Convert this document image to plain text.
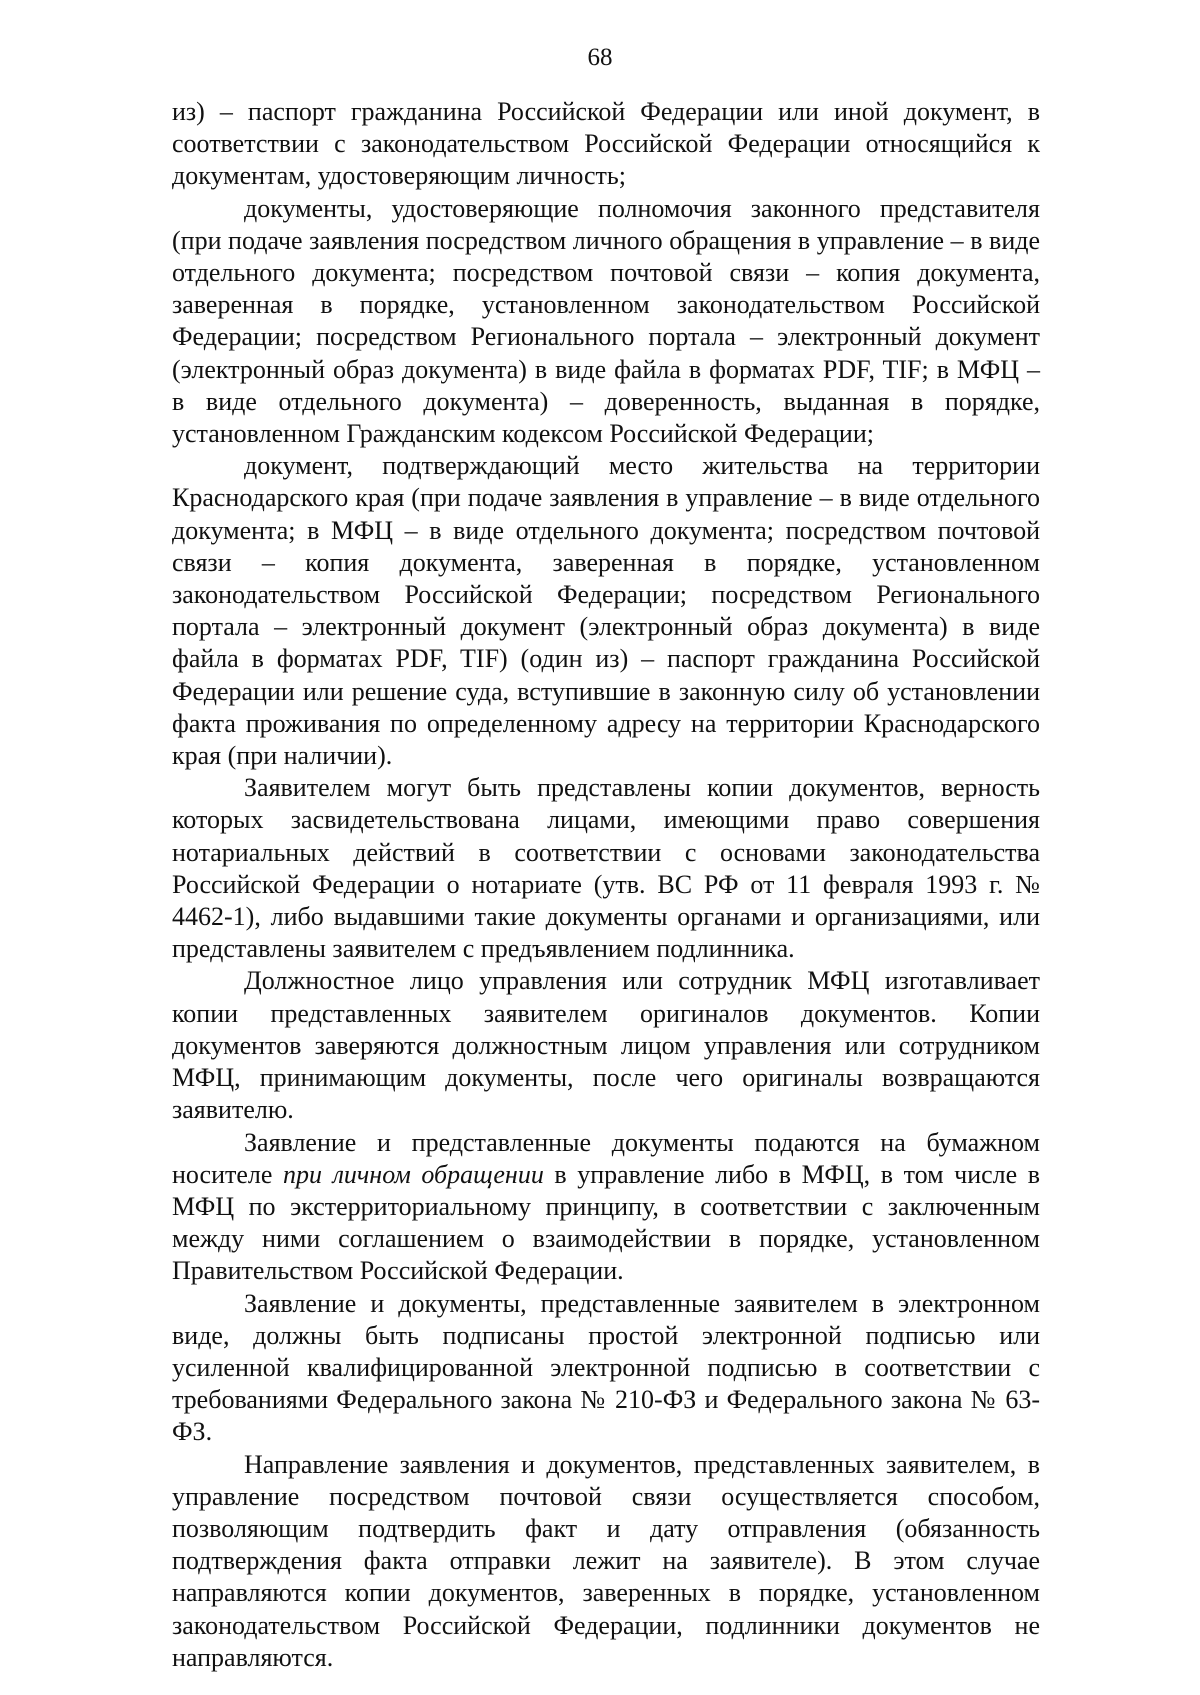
68

из) – паспорт гражданина Российской Федерации или иной документ, в соответствии с законодательством Российской Федерации относящийся к документам, удостоверяющим личность;

документы, удостоверяющие полномочия законного представителя (при подаче заявления посредством личного обращения в управление – в виде отдельного документа; посредством почтовой связи – копия документа, заверенная в порядке, установленном законодательством Российской Федерации; посредством Регионального портала – электронный документ (электронный образ документа) в виде файла в форматах PDF, TIF; в МФЦ – в виде отдельного документа) – доверенность, выданная в порядке, установленном Гражданским кодексом Российской Федерации;

документ, подтверждающий место жительства на территории Краснодарского края (при подаче заявления в управление – в виде отдельного документа; в МФЦ – в виде отдельного документа; посредством почтовой связи – копия документа, заверенная в порядке, установленном законодательством Российской Федерации; посредством Регионального портала – электронный документ (электронный образ документа) в виде файла в форматах PDF, TIF) (один из) – паспорт гражданина Российской Федерации или решение суда, вступившие в законную силу об установлении факта проживания по определенному адресу на территории Краснодарского края (при наличии).

Заявителем могут быть представлены копии документов, верность которых засвидетельствована лицами, имеющими право совершения нотариальных действий в соответствии с основами законодательства Российской Федерации о нотариате (утв. ВС РФ от 11 февраля 1993 г. № 4462-1), либо выдавшими такие документы органами и организациями, или представлены заявителем с предъявлением подлинника.

Должностное лицо управления или сотрудник МФЦ изготавливает копии представленных заявителем оригиналов документов. Копии документов заверяются должностным лицом управления или сотрудником МФЦ, принимающим документы, после чего оригиналы возвращаются заявителю.

Заявление и представленные документы подаются на бумажном носителе при личном обращении в управление либо в МФЦ, в том числе в МФЦ по экстерриториальному принципу, в соответствии с заключенным между ними соглашением о взаимодействии в порядке, установленном Правительством Российской Федерации.

Заявление и документы, представленные заявителем в электронном виде, должны быть подписаны простой электронной подписью или усиленной квалифицированной электронной подписью в соответствии с требованиями Федерального закона № 210-ФЗ и Федерального закона № 63-ФЗ.

Направление заявления и документов, представленных заявителем, в управление посредством почтовой связи осуществляется способом, позволяющим подтвердить факт и дату отправления (обязанность подтверждения факта отправки лежит на заявителе). В этом случае направляются копии документов, заверенных в порядке, установленном законодательством Российской Федерации, подлинники документов не направляются.
